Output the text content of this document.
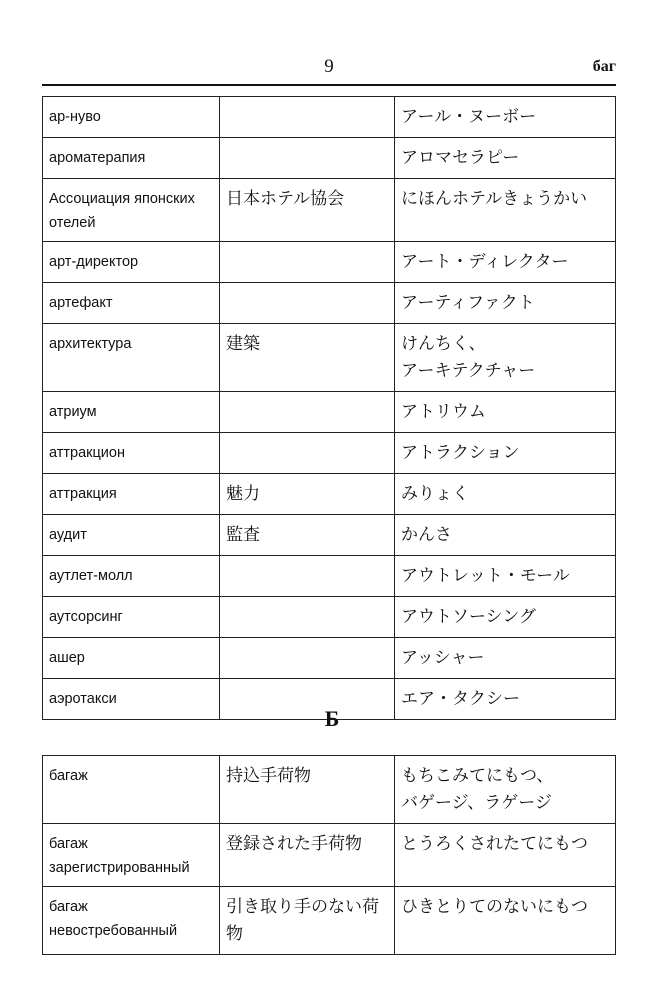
9	баг
ар-нуво		アール・ヌーボー

ароматерапия		アロマセラピー

Ассоциация японских отелей	日本ホテル協会	にほんホテルきょうかい

арт-директор		アート・ディレクター

артефакт		アーティファクト

архитектура	建築	けんちく、
アーキテクチャー

атриум		アトリウム

аттракцион		アトラクション

аттракция	魅力	みりょく

аудит	監査	かんさ

аутлет-молл		アウトレット・モール

аутсорсинг		アウトソーシング

ашер		アッシャー

аэротакси		エア・タクシー
Б
багаж	持込手荷物	もちこみてにもつ、
バゲージ、ラゲージ

багаж зарегистрированный	登録された手荷物	とうろくされたてにもつ

багаж невостребованный	引き取り手のない荷物	ひきとりてのないにもつ
